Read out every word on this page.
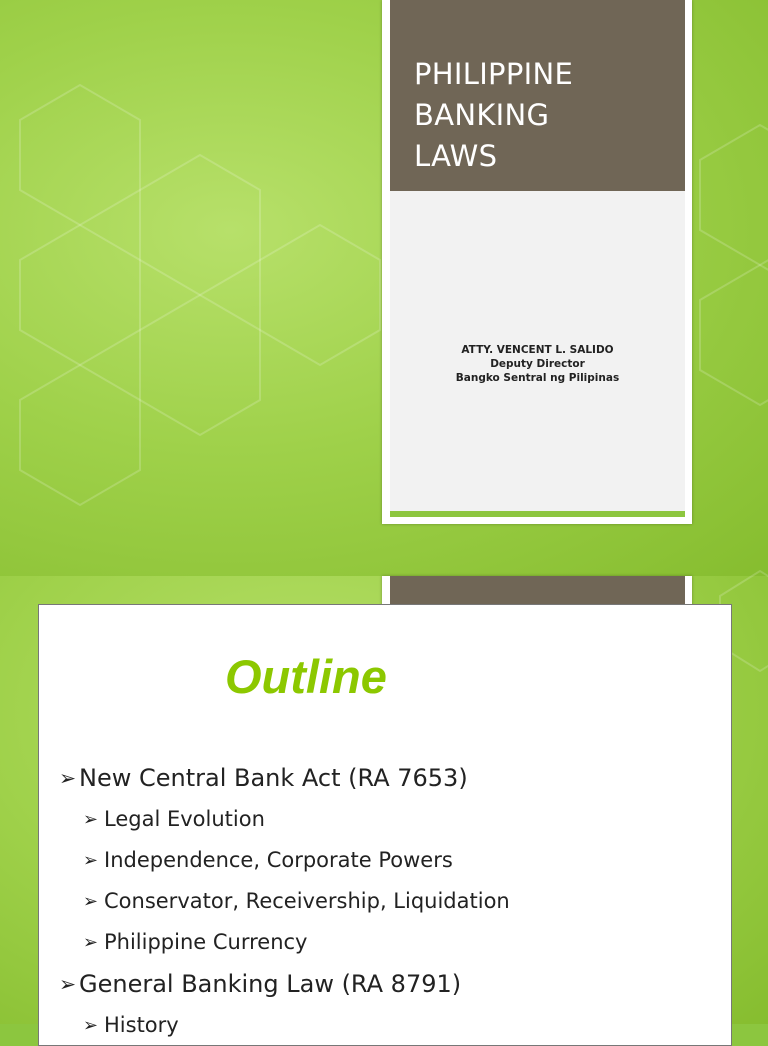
PHILIPPINE
BANKING
LAWS
ATTY. VENCENT L. SALIDO
Deputy Director
Bangko Sentral ng Pilipinas
Outline
➢ New Central Bank Act (RA 7653)
➢ Legal Evolution
➢ Independence, Corporate Powers
➢ Conservator, Receivership, Liquidation
➢ Philippine Currency
➢ General Banking Law (RA 8791)
➢ History
